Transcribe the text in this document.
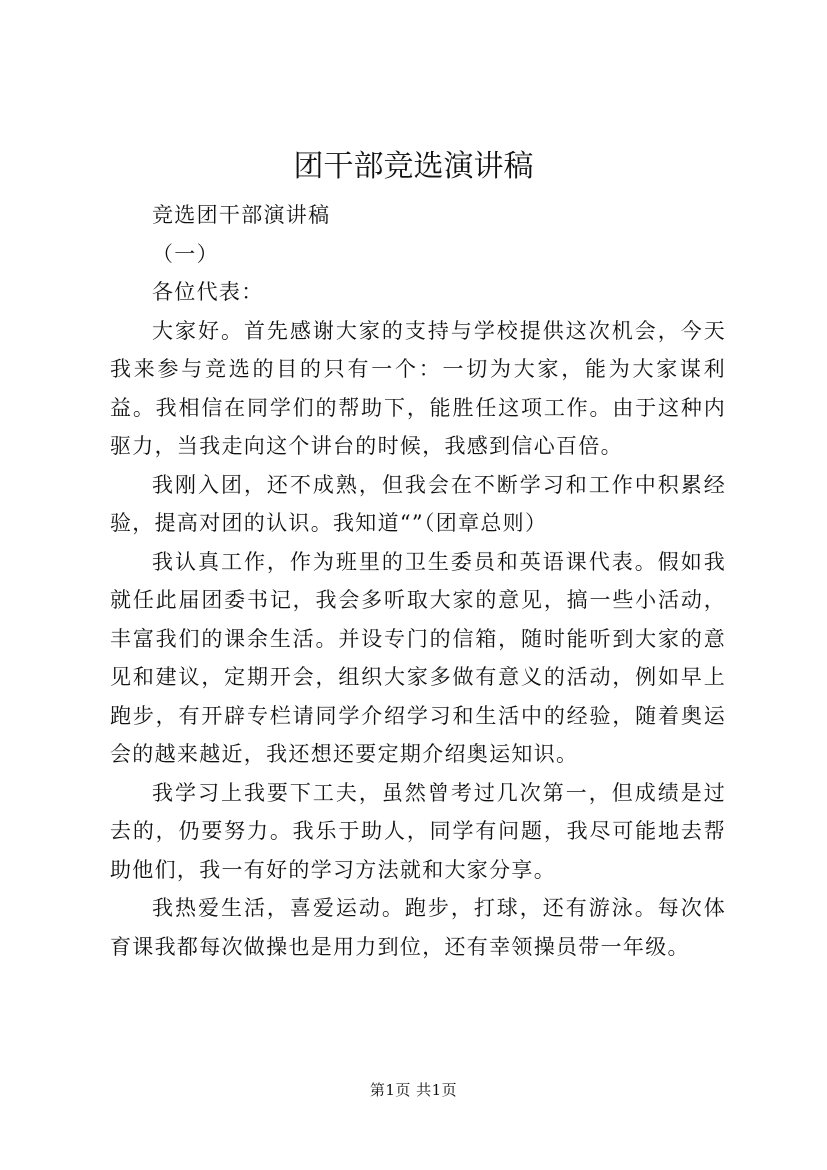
团干部竞选演讲稿

竞选团干部演讲稿

（一）

各位代表：

大家好。首先感谢大家的支持与学校提供这次机会，今天我来参与竞选的目的只有一个：一切为大家，能为大家谋利益。我相信在同学们的帮助下，能胜任这项工作。由于这种内驱力，当我走向这个讲台的时候，我感到信心百倍。

我刚入团，还不成熟，但我会在不断学习和工作中积累经验，提高对团的认识。我知道“”（团章总则）

我认真工作，作为班里的卫生委员和英语课代表。假如我就任此届团委书记，我会多听取大家的意见，搞一些小活动，丰富我们的课余生活。并设专门的信箱，随时能听到大家的意见和建议，定期开会，组织大家多做有意义的活动，例如早上跑步，有开辟专栏请同学介绍学习和生活中的经验，随着奥运会的越来越近，我还想还要定期介绍奥运知识。

我学习上我要下工夫，虽然曾考过几次第一，但成绩是过去的，仍要努力。我乐于助人，同学有问题，我尽可能地去帮助他们，我一有好的学习方法就和大家分享。

我热爱生活，喜爱运动。跑步，打球，还有游泳。每次体育课我都每次做操也是用力到位，还有幸领操员带一年级。

第1页 共1页
